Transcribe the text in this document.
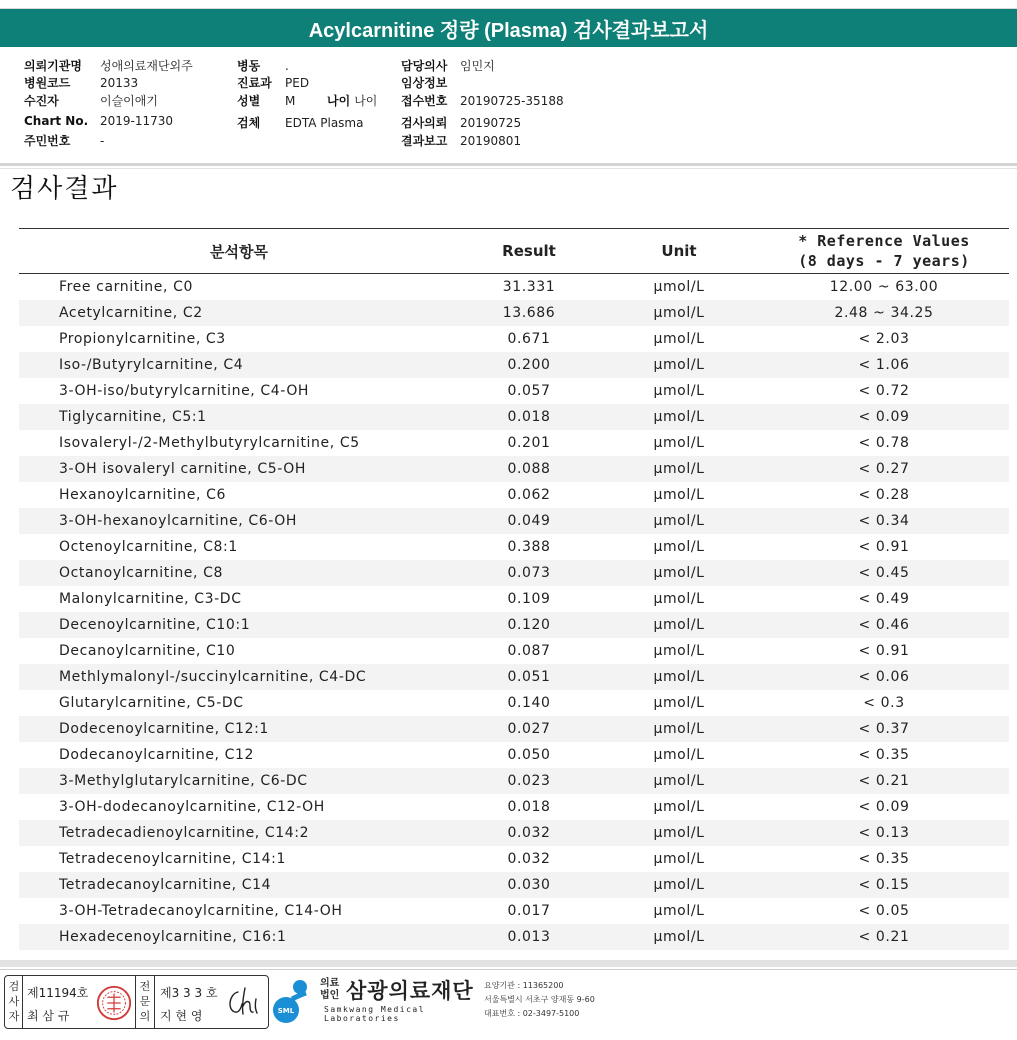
Acylcarnitine 정량 (Plasma) 검사결과보고서
의뢰기관명 성애의료재단외주
병원코드 20133
수진자	이슬이애기
Chart No. 2019-11730
주민번호 -
병동 .
진료과 PED
성별 M
검체 EDTA Plasma
담당의사 임민지
임상정보
접수번호 20190725-35188
검사의뢰 20190725
결과보고 20190801
나이 나이
검사결과
분석항목	Result	Unit	* Reference Values
(8 days - 7 years)

Free carnitine, C0	31.331	μmol/L	12.00 ~ 63.00
Acetylcarnitine, C2	13.686	μmol/L	2.48 ~ 34.25
Propionylcarnitine, C3	0.671	μmol/L	< 2.03
Iso-/Butyrylcarnitine, C4	0.200	μmol/L	< 1.06
3-OH-iso/butyrylcarnitine, C4-OH	0.057	μmol/L	< 0.72
Tiglycarnitine, C5:1	0.018	μmol/L	< 0.09
Isovaleryl-/2-Methylbutyrylcarnitine, C5	0.201	μmol/L	< 0.78
3-OH isovaleryl carnitine, C5-OH	0.088	μmol/L	< 0.27
Hexanoylcarnitine, C6	0.062	μmol/L	< 0.28
3-OH-hexanoylcarnitine, C6-OH	0.049	μmol/L	< 0.34
Octenoylcarnitine, C8:1	0.388	μmol/L	< 0.91
Octanoylcarnitine, C8	0.073	μmol/L	< 0.45
Malonylcarnitine, C3-DC	0.109	μmol/L	< 0.49
Decenoylcarnitine, C10:1	0.120	μmol/L	< 0.46
Decanoylcarnitine, C10	0.087	μmol/L	< 0.91
Methlymalonyl-/succinylcarnitine, C4-DC	0.051	μmol/L	< 0.06
Glutarylcarnitine, C5-DC	0.140	μmol/L	< 0.3
Dodecenoylcarnitine, C12:1	0.027	μmol/L	< 0.37
Dodecanoylcarnitine, C12	0.050	μmol/L	< 0.35
3-Methylglutarylcarnitine, C6-DC	0.023	μmol/L	< 0.21
3-OH-dodecanoylcarnitine, C12-OH	0.018	μmol/L	< 0.09
Tetradecadienoylcarnitine, C14:2	0.032	μmol/L	< 0.13
Tetradecenoylcarnitine, C14:1	0.032	μmol/L	< 0.35
Tetradecanoylcarnitine, C14	0.030	μmol/L	< 0.15
3-OH-Tetradecanoylcarnitine, C14-OH	0.017	μmol/L	< 0.05
Hexadecenoylcarnitine, C16:1	0.013	μmol/L	< 0.21
검사자
제11194호
최 삼 규
전문의
제3 3 3 호
지 현 영	SML
의료
법인 삼광의료재단
Samkwang Medical Laboratories
요양기관 : 11365200
서울특별시 서초구 양재동 9-60
대표번호 : 02-3497-5100
